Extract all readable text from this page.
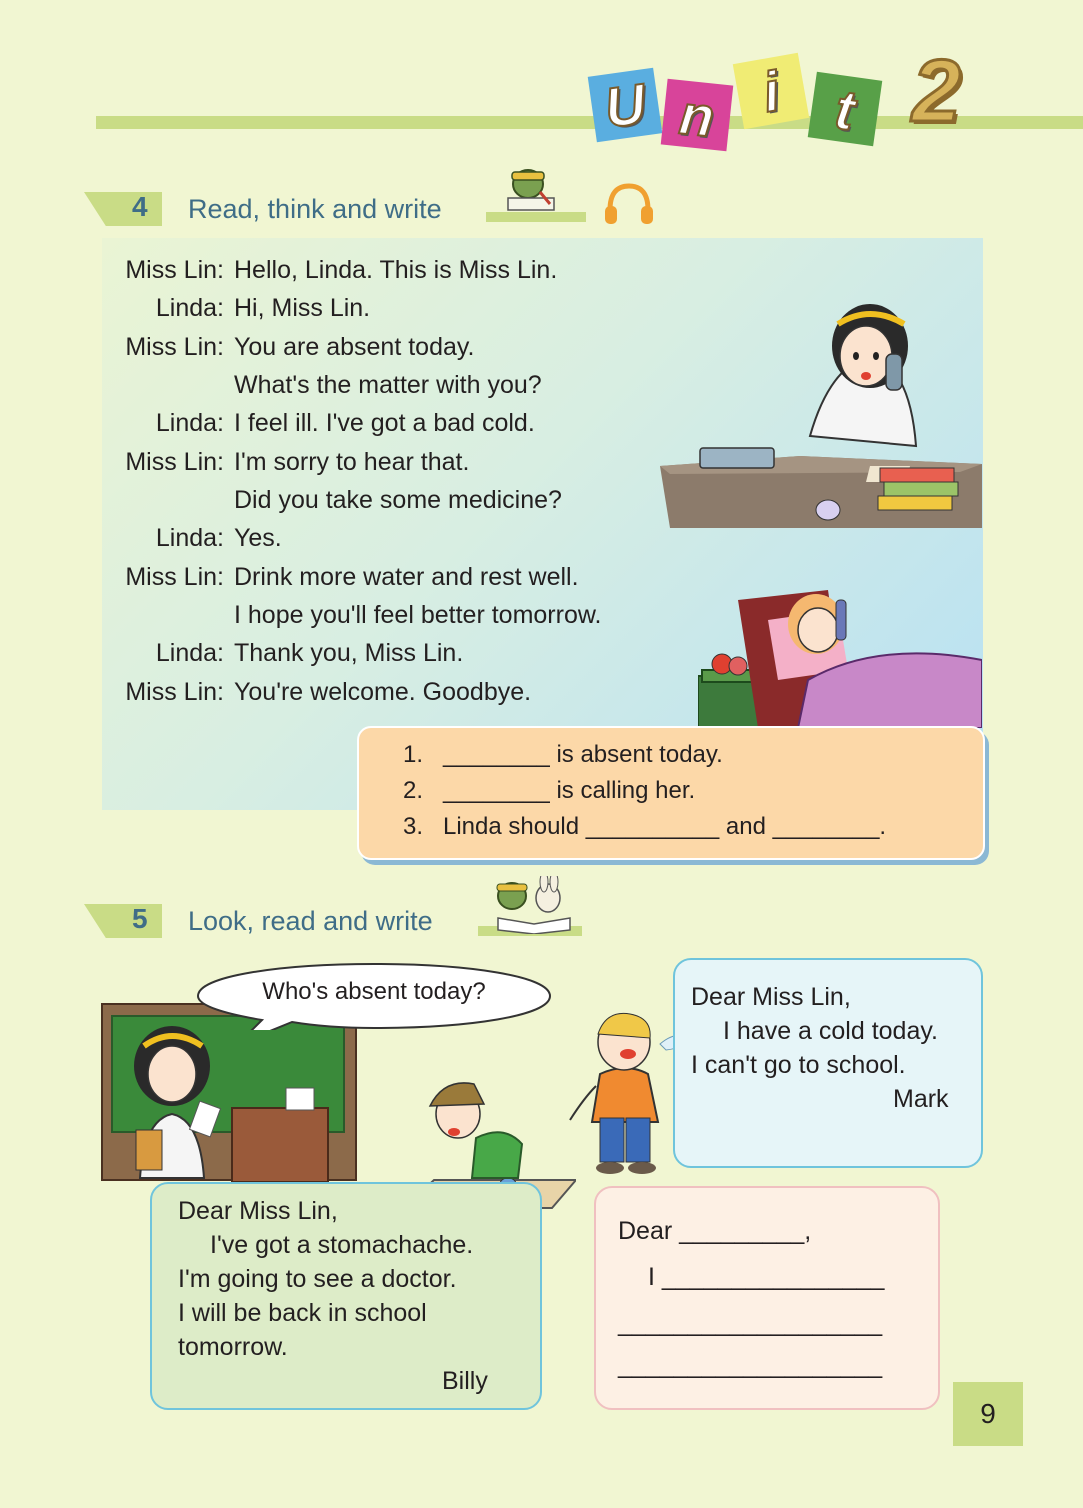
U n i t 2
4 Read, think and write
Miss Lin: Hello, Linda. This is Miss Lin.
Linda: Hi, Miss Lin.
Miss Lin: You are absent today.
What's the matter with you?
Linda: I feel ill. I've got a bad cold.
Miss Lin: I'm sorry to hear that.
Did you take some medicine?
Linda: Yes.
Miss Lin: Drink more water and rest well.
I hope you'll feel better tomorrow.
Linda: Thank you, Miss Lin.
Miss Lin: You're welcome. Goodbye.
1. ________ is absent today.
2. ________ is calling her.
3. Linda should __________ and ________.
5 Look, read and write
Who's absent today?	Dear Miss Lin,
I have a cold today.
I can't go to school.
Mark
Dear Miss Lin,
I've got a stomachache.
I'm going to see a doctor.
I will be back in school
tomorrow.
Billy
Dear _________,
I ________________
___________________
___________________
9
